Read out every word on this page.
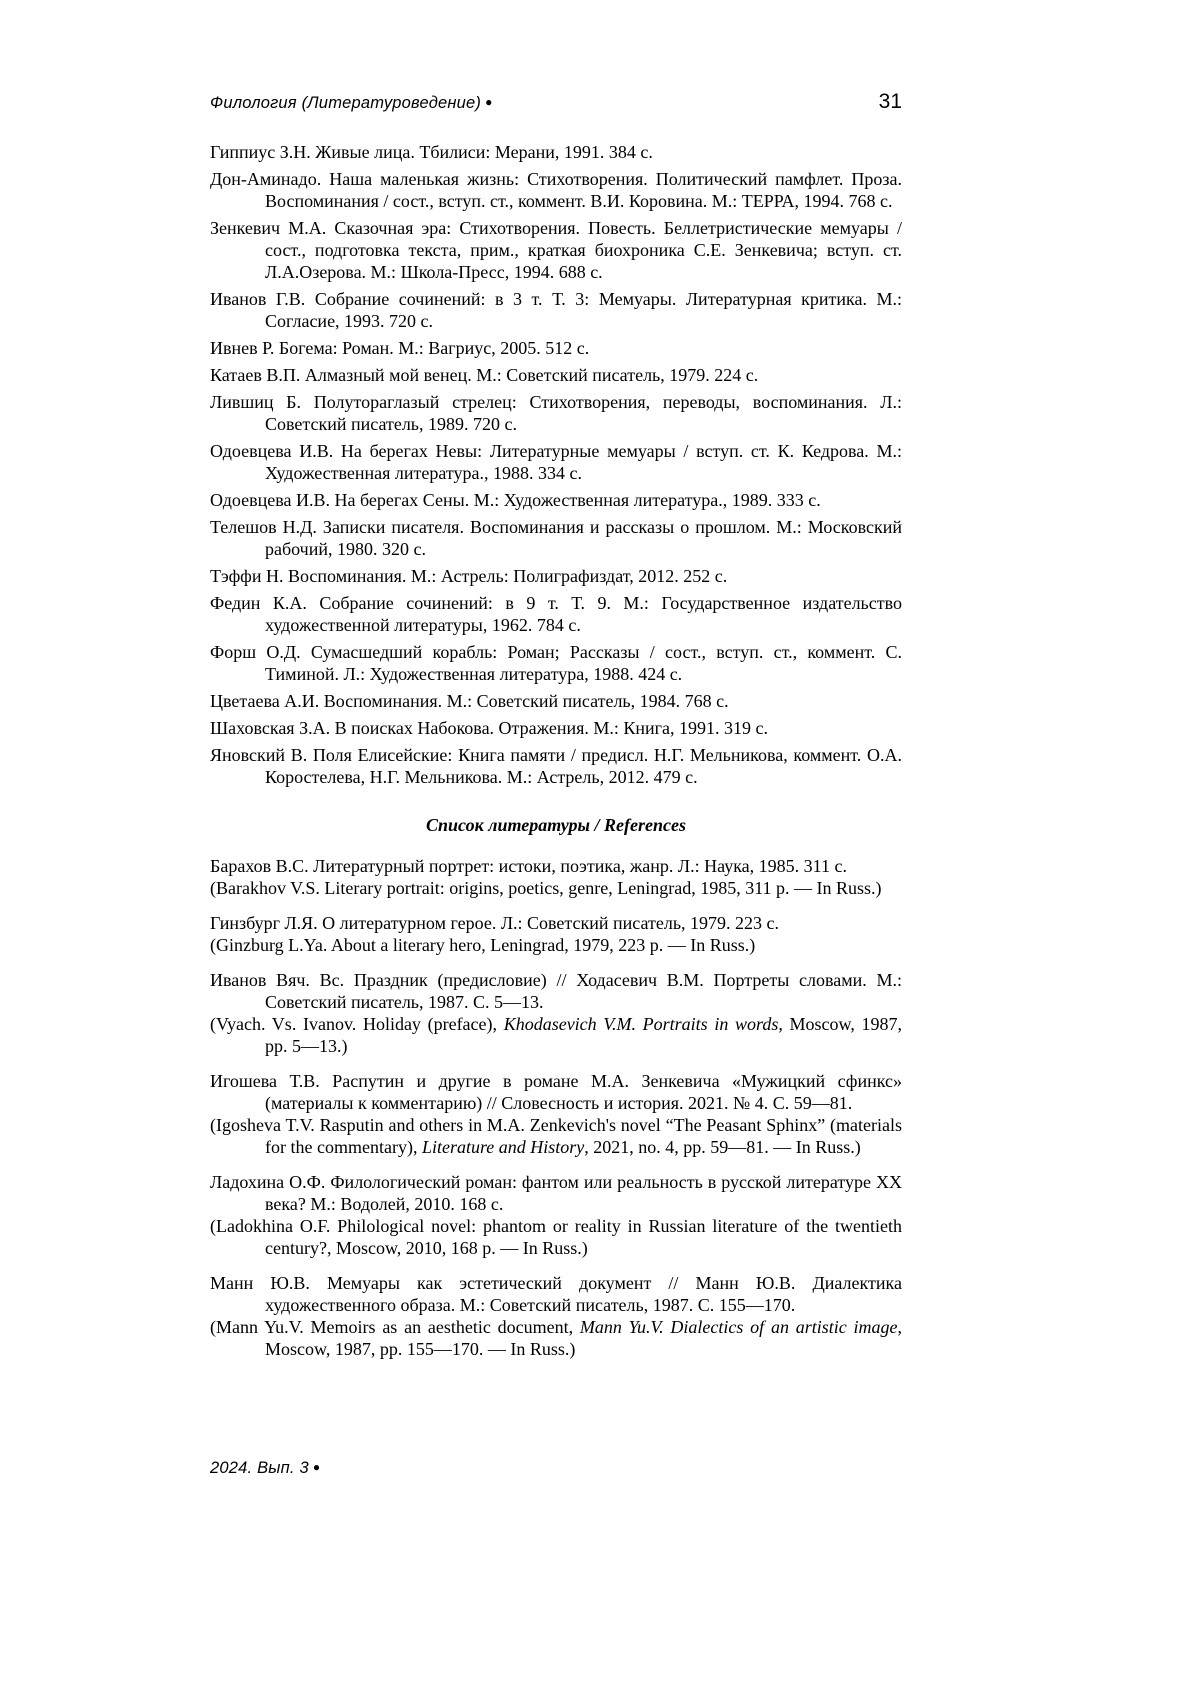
Филология (Литературоведение) ●	31

Гиппиус З.Н. Живые лица. Тбилиси: Мерани, 1991. 384 с.

Дон-Аминадо. Наша маленькая жизнь: Стихотворения. Политический памфлет. Проза. Воспоминания / сост., вступ. ст., коммент. В.И. Коровина. М.: ТЕРРА, 1994. 768 с.

Зенкевич М.А. Сказочная эра: Стихотворения. Повесть. Беллетристические мемуары / сост., подготовка текста, прим., краткая биохроника С.Е. Зенкевича; вступ. ст. Л.А.Озерова. М.: Школа-Пресс, 1994. 688 с.

Иванов Г.В. Собрание сочинений: в 3 т. Т. 3: Мемуары. Литературная критика. М.: Согласие, 1993. 720 с.

Ивнев Р. Богема: Роман. М.: Вагриус, 2005. 512 с.

Катаев В.П. Алмазный мой венец. М.: Советский писатель, 1979. 224 с.

Лившиц Б. Полутораглазый стрелец: Стихотворения, переводы, воспоминания. Л.: Советский писатель, 1989. 720 с.

Одоевцева И.В. На берегах Невы: Литературные мемуары / вступ. ст. К. Кедрова. М.: Художественная литература., 1988. 334 с.

Одоевцева И.В. На берегах Сены. М.: Художественная литература., 1989. 333 с.

Телешов Н.Д. Записки писателя. Воспоминания и рассказы о прошлом. М.: Московский рабочий, 1980. 320 с.

Тэффи Н. Воспоминания. М.: Астрель: Полиграфиздат, 2012. 252 с.

Федин К.А. Собрание сочинений: в 9 т. Т. 9. М.: Государственное издательство художественной литературы, 1962. 784 с.

Форш О.Д. Сумасшедший корабль: Роман; Рассказы / сост., вступ. ст., коммент. С. Тиминой. Л.: Художественная литература, 1988. 424 с.

Цветаева А.И. Воспоминания. М.: Советский писатель, 1984. 768 с.

Шаховская З.А. В поисках Набокова. Отражения. М.: Книга, 1991. 319 с.

Яновский В. Поля Елисейские: Книга памяти / предисл. Н.Г. Мельникова, коммент. О.А. Коростелева, Н.Г. Мельникова. М.: Астрель, 2012. 479 с.

Список литературы / References

Барахов В.С. Литературный портрет: истоки, поэтика, жанр. Л.: Наука, 1985. 311 с.

(Barakhov V.S. Literary portrait: origins, poetics, genre, Leningrad, 1985, 311 p. — In Russ.)

Гинзбург Л.Я. О литературном герое. Л.: Советский писатель, 1979. 223 с.

(Ginzburg L.Ya. About a literary hero, Leningrad, 1979, 223 p. — In Russ.)

Иванов Вяч. Вс. Праздник (предисловие) // Ходасевич В.М. Портреты словами. М.: Советский писатель, 1987. С. 5—13.

(Vyach. Vs. Ivanov. Holiday (preface), Khodasevich V.M. Portraits in words, Moscow, 1987, pp. 5—13.)

Игошева Т.В. Распутин и другие в романе М.А. Зенкевича «Мужицкий сфинкс» (материалы к комментарию) // Словесность и история. 2021. № 4. С. 59—81.

(Igosheva T.V. Rasputin and others in M.A. Zenkevich's novel “The Peasant Sphinx” (materials for the commentary), Literature and History, 2021, no. 4, pp. 59—81. — In Russ.)

Ладохина О.Ф. Филологический роман: фантом или реальность в русской литературе XX века? М.: Водолей, 2010. 168 с.

(Ladokhina O.F. Philological novel: phantom or reality in Russian literature of the twentieth century?, Moscow, 2010, 168 p. — In Russ.)

Манн Ю.В. Мемуары как эстетический документ // Манн Ю.В. Диалектика художественного образа. М.: Советский писатель, 1987. С. 155—170.

(Mann Yu.V. Memoirs as an aesthetic document, Mann Yu.V. Dialectics of an artistic image, Moscow, 1987, pp. 155—170. — In Russ.)

2024. Вып. 3 ●
